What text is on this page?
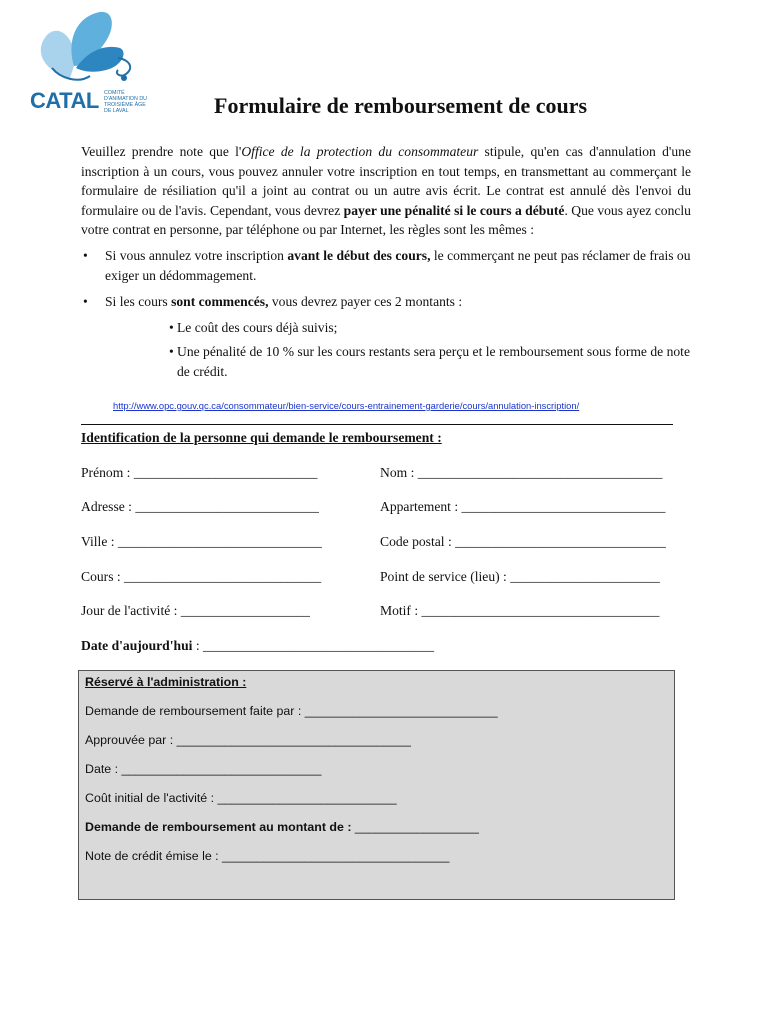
CATAL COMITÉ D'ANIMATION DU TROISIÈME ÂGE DE LAVAL	Formulaire de remboursement de cours

Veuillez prendre note que l'Office de la protection du consommateur stipule, qu'en cas d'annulation d'une inscription à un cours, vous pouvez annuler votre inscription en tout temps, en transmettant au commerçant le formulaire de résiliation qu'il a joint au contrat ou un autre avis écrit. Le contrat est annulé dès l'envoi du formulaire ou de l'avis. Cependant, vous devrez payer une pénalité si le cours a débuté. Que vous ayez conclu votre contrat en personne, par téléphone ou par Internet, les règles sont les mêmes :

• Si vous annulez votre inscription avant le début des cours, le commerçant ne peut pas réclamer de frais ou exiger un dédommagement.
• Si les cours sont commencés, vous devrez payer ces 2 montants :
• Le coût des cours déjà suivis;
• Une pénalité de 10 % sur les cours restants sera perçu et le remboursement sous forme de note de crédit.
http://www.opc.gouv.qc.ca/consommateur/bien-service/cours-entrainement-garderie/cours/annulation-inscription/
Identification de la personne qui demande le remboursement :
Prénom : ___________________________	Nom : ____________________________________
Adresse : ___________________________	Appartement : ______________________________
Ville : ______________________________	Code postal : _______________________________
Cours : _____________________________	Point de service (lieu) : ______________________
Jour de l'activité : ___________________	Motif : ___________________________________
Date d'aujourd'hui : __________________________________
Réservé à l'administration :
Demande de remboursement faite par : ____________________________
Approuvée par : __________________________________
Date : _____________________________
Coût initial de l'activité : __________________________
Demande de remboursement au montant de : __________________
Note de crédit émise le : _________________________________
